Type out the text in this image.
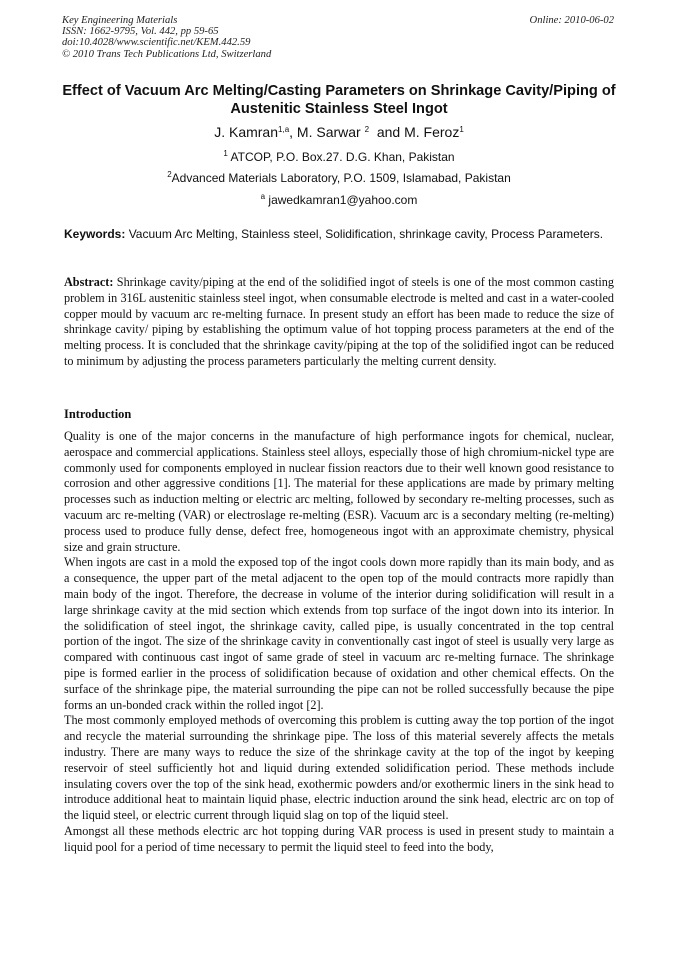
Key Engineering Materials
ISSN: 1662-9795, Vol. 442, pp 59-65
doi:10.4028/www.scientific.net/KEM.442.59
© 2010 Trans Tech Publications Ltd, Switzerland
Online: 2010-06-02
Effect of Vacuum Arc Melting/Casting Parameters on Shrinkage Cavity/Piping of Austenitic Stainless Steel Ingot
J. Kamran$^{1,a}$, M. Sarwar $^2$  and M. Feroz$^1$
$^1$ ATCOP, P.O. Box.27. D.G. Khan, Pakistan
$^2$Advanced Materials Laboratory, P.O. 1509, Islamabad, Pakistan
$^a$ jawedkamran1@yahoo.com
Keywords: Vacuum Arc Melting, Stainless steel, Solidification, shrinkage cavity, Process Parameters.
Abstract: Shrinkage cavity/piping at the end of the solidified ingot of steels is one of the most common casting problem in 316L austenitic stainless steel ingot, when consumable electrode is melted and cast in a water-cooled copper mould by vacuum arc re-melting furnace. In present study an effort has been made to reduce the size of shrinkage cavity/ piping by establishing the optimum value of hot topping process parameters at the end of the melting process. It is concluded that the shrinkage cavity/piping at the top of the solidified ingot can be reduced to minimum by adjusting the process parameters particularly the melting current density.
Introduction

Quality is one of the major concerns in the manufacture of high performance ingots for chemical, nuclear, aerospace and commercial applications. Stainless steel alloys, especially those of high chromium-nickel type are commonly used for components employed in nuclear fission reactors due to their well known good resistance to corrosion and other aggressive conditions [1]. The material for these applications are made by primary melting processes such as induction melting or electric arc melting, followed by secondary re-melting processes, such as vacuum arc re-melting (VAR) or electroslage re-melting (ESR). Vacuum arc is a secondary melting (re-melting) process used to produce fully dense, defect free, homogeneous ingot with an approximate chemistry, physical size and grain structure.

When ingots are cast in a mold the exposed top of the ingot cools down more rapidly than its main body, and as a consequence, the upper part of the metal adjacent to the open top of the mould contracts more rapidly than main body of the ingot. Therefore, the decrease in volume of the interior during solidification will result in a large shrinkage cavity at the mid section which extends from top surface of the ingot down into its interior. In the solidification of steel ingot, the shrinkage cavity, called pipe, is usually concentrated in the top central portion of the ingot. The size of the shrinkage cavity in conventionally cast ingot of steel is usually very large as compared with continuous cast ingot of same grade of steel in vacuum arc re-melting furnace. The shrinkage pipe is formed earlier in the process of solidification because of oxidation and other chemical effects. On the surface of the shrinkage pipe, the material surrounding the pipe can not be rolled successfully because the pipe forms an un-bonded crack within the rolled ingot [2].

The most commonly employed methods of overcoming this problem is cutting away the top portion of the ingot and recycle the material surrounding the shrinkage pipe. The loss of this material severely affects the metals industry. There are many ways to reduce the size of the shrinkage cavity at the top of the ingot by keeping reservoir of steel sufficiently hot and liquid during extended solidification period. These methods include insulating covers over the top of the sink head, exothermic powders and/or exothermic liners in the sink head to introduce additional heat to maintain liquid phase, electric induction around the sink head, electric arc on top of the liquid steel, or electric current through liquid slag on top of the liquid steel.

Amongst all these methods electric arc hot topping during VAR process is used in present study to maintain a liquid pool for a period of time necessary to permit the liquid steel to feed into the body,
